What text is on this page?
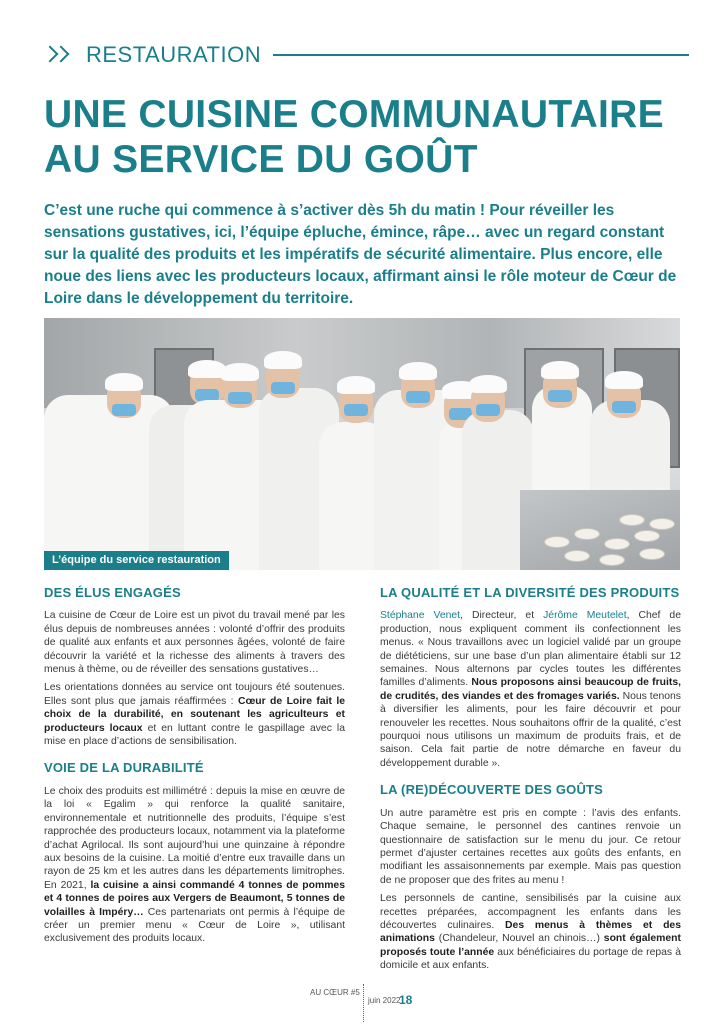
RESTAURATION
UNE CUISINE COMMUNAUTAIRE
AU SERVICE DU GOÛT

C’est une ruche qui commence à s’activer dès 5h du matin ! Pour réveiller les sensations gustatives, ici, l’équipe épluche, émince, râpe… avec un regard constant sur la qualité des produits et les impératifs de sécurité alimentaire. Plus encore, elle noue des liens avec les producteurs locaux, affirmant ainsi le rôle moteur de Cœur de Loire dans le développement du territoire.

L’équipe du service restauration
DES ÉLUS ENGAGÉS

La cuisine de Cœur de Loire est un pivot du travail mené par les élus depuis de nombreuses années : volonté d’offrir des produits de qualité aux enfants et aux personnes âgées, volonté de faire découvrir la variété et la richesse des aliments à travers des menus à thème, ou de réveiller des sensations gustatives…

Les orientations données au service ont toujours été soutenues. Elles sont plus que jamais réaffirmées : Cœur de Loire fait le choix de la durabilité, en soutenant les agriculteurs et producteurs locaux et en luttant contre le gaspillage avec la mise en place d’actions de sensibilisation.

VOIE DE LA DURABILITÉ

Le choix des produits est millimétré : depuis la mise en œuvre de la loi « Egalim » qui renforce la qualité sanitaire, environnementale et nutritionnelle des produits, l’équipe s’est rapprochée des producteurs locaux, notamment via la plateforme d’achat Agrilocal. Ils sont aujourd’hui une quinzaine à répondre aux besoins de la cuisine. La moitié d’entre eux travaille dans un rayon de 25 km et les autres dans les départements limitrophes. En 2021, la cuisine a ainsi commandé 4 tonnes de pommes et 4 tonnes de poires aux Vergers de Beaumont, 5 tonnes de volailles à Impéry… Ces partenariats ont permis à l’équipe de créer un premier menu « Cœur de Loire », utilisant exclusivement des produits locaux.

LA QUALITÉ ET LA DIVERSITÉ DES PRODUITS

Stéphane Venet, Directeur, et Jérôme Meutelet, Chef de production, nous expliquent comment ils confectionnent les menus. « Nous travaillons avec un logiciel validé par un groupe de diététiciens, sur une base d’un plan alimentaire établi sur 12 semaines. Nous alternons par cycles toutes les différentes familles d’aliments. Nous proposons ainsi beaucoup de fruits, de crudités, des viandes et des fromages variés. Nous tenons à diversifier les aliments, pour les faire découvrir et pour renouveler les recettes. Nous souhaitons offrir de la qualité, c’est pourquoi nous utilisons un maximum de produits frais, et de saison. Cela fait partie de notre démarche en faveur du développement durable ».

LA (RE)DÉCOUVERTE DES GOÛTS

Un autre paramètre est pris en compte : l’avis des enfants. Chaque semaine, le personnel des cantines renvoie un questionnaire de satisfaction sur le menu du jour. Ce retour permet d’ajuster certaines recettes aux goûts des enfants, en modifiant les assaisonnements par exemple. Mais pas question de ne proposer que des frites au menu !

Les personnels de cantine, sensibilisés par la cuisine aux recettes préparées, accompagnent les enfants dans les découvertes culinaires. Des menus à thèmes et des animations (Chandeleur, Nouvel an chinois…) sont également proposés toute l’année aux bénéficiaires du portage de repas à domicile et aux enfants.

AU CŒUR #5
juin 2022
18
